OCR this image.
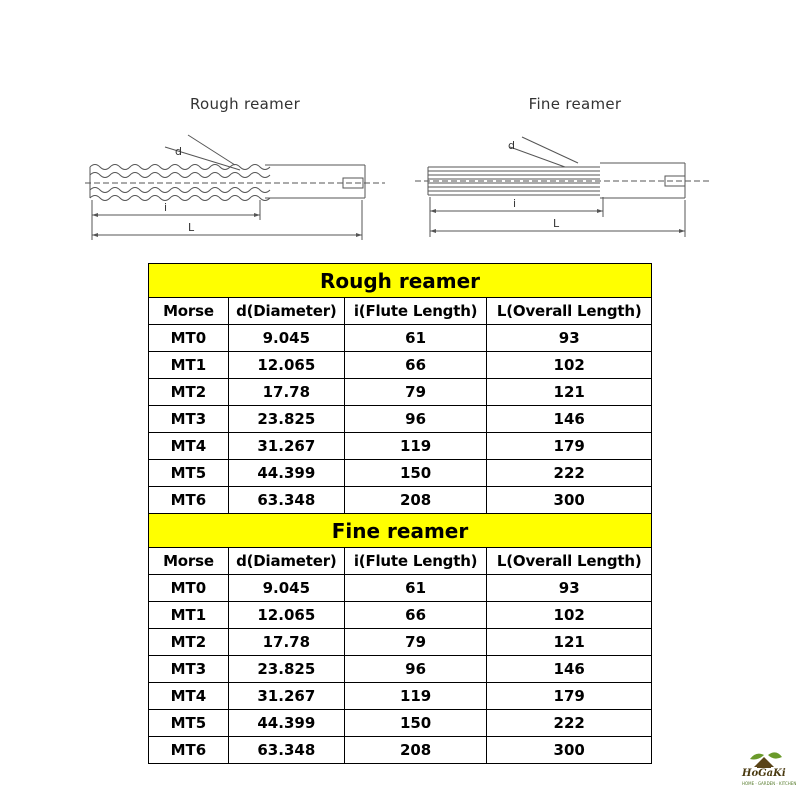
Rough reamer
d
i
L
Fine reamer
d
i
L
Rough reamer			
Morse	d(Diameter)	i(Flute Length)	L(Overall Length)
MT0	9.045	61	93
MT1	12.065	66	102
MT2	17.78	79	121
MT3	23.825	96	146
MT4	31.267	119	179
MT5	44.399	150	222
MT6	63.348	208	300
Fine reamer			
Morse	d(Diameter)	i(Flute Length)	L(Overall Length)
MT0	9.045	61	93
MT1	12.065	66	102
MT2	17.78	79	121
MT3	23.825	96	146
MT4	31.267	119	179
MT5	44.399	150	222
MT6	63.348	208	300
HoGaKi
HOME · GARDEN · KITCHEN
